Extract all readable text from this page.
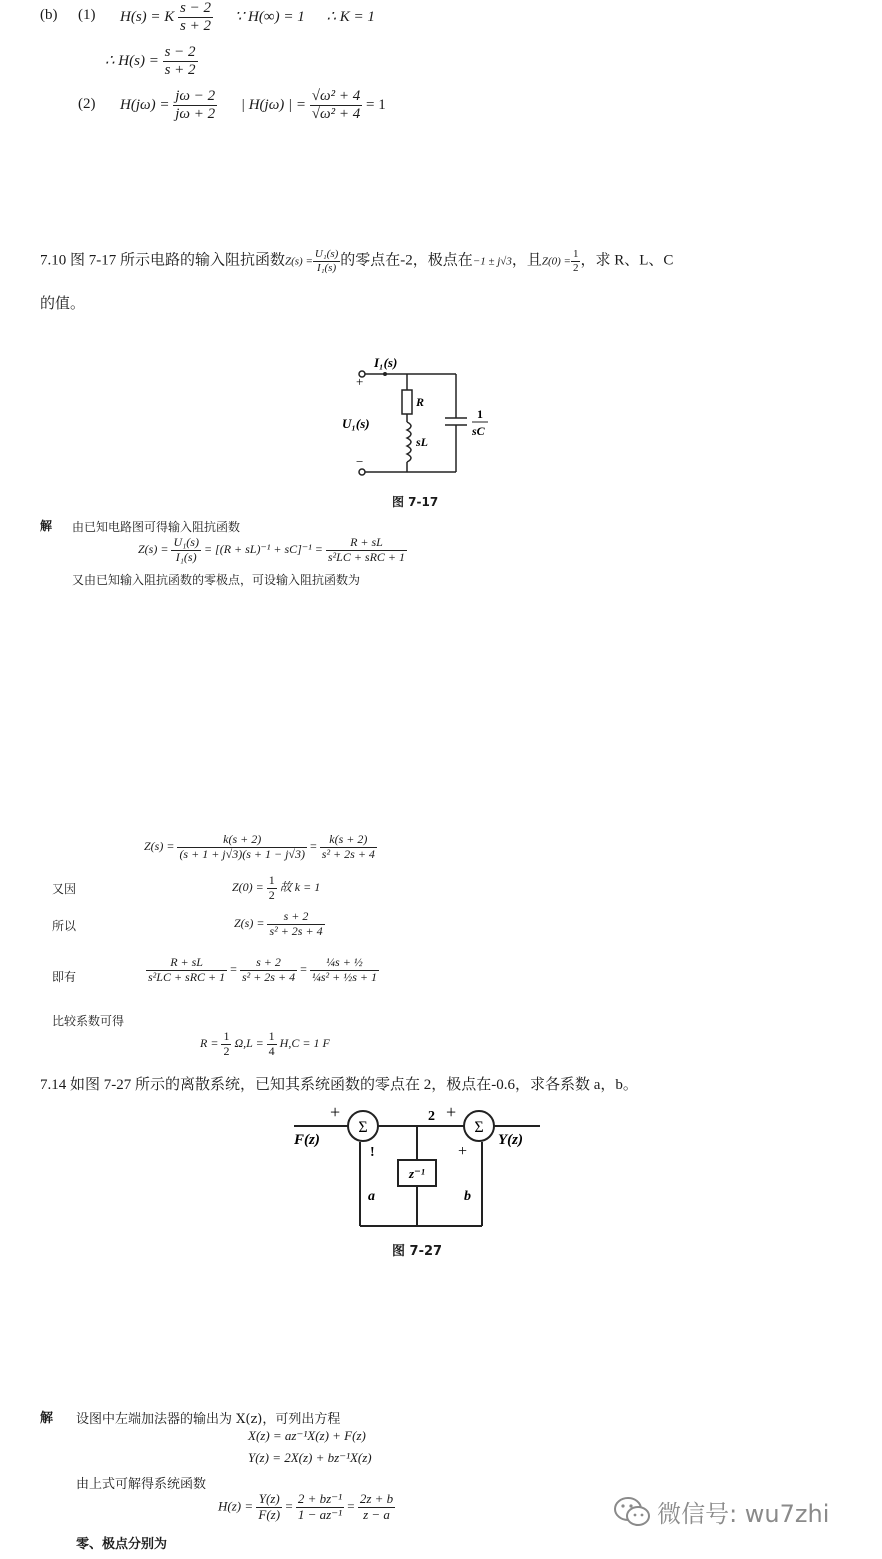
(b) (1) H(s) = K $\frac{s - 2}{s + 2}$ ∵ H(∞) = 1 ∴ K = 1
∴ $H(s) = \frac{s - 2}{s + 2}$
(2) $H(j\omega) = \frac{j\omega - 2}{j\omega + 2}$ | H(jω) | = $\frac{\text{√ω² + 4}}{\text{√ω² + 4}} = 1$
7.10 图 7-17 所示电路的输入阻抗函数$Z(s) = \frac{\text{U₁(s)}}{\text{I₁(s)}}$ 的零点在-2，极点在−1 ± j√3，且$Z(0) = \frac{1}{2}$ ，求 R、L、C
的值。
I₁(s)
+
−
U₁(s)
R
sL
1
sC
图 7-17
解 由已知电路图可得输入阻抗函数
$Z(s) = \frac{\text{U₁(s)}}{\text{I₁(s)}} = [(R + sL)^{-1} + sC]^{-1} = \frac{R + sL}{\text{s²LC + sRC + 1}}$
又由已知输入阻抗函数的零极点，可设输入阻抗函数为
$Z(s) = \frac{k(s + 2)}{(s + 1 + j√3)(s + 1 - j√3)} = \frac{k(s + 2)}{\text{s² + 2s + 4}}$
又因	$Z(0) = \frac{1}{2}$ 故 k = 1
所以	$Z(s) = \frac{s + 2}{\text{s² + 2s + 4}}$
即有	$\frac{R + sL}{\text{s²LC + sRC + 1}} = \frac{s + 2}{\text{s² + 2s + 4}} = \frac{\text{¼s + ½}}{\text{¼s² + ½s + 1}}$
比较系数可得
$R = \frac{1}{2} \Omega,L = \frac{1}{4} H,C = 1$ F
7.14 如图 7-27 所示的离散系统，已知其系统函数的零点在 2，极点在-0.6，求各系数 a，b。
Σ	Σ
+	+
+
!
F(z)	Y(z)
2
z⁻¹
a	b
图 7-27
解 设图中左端加法器的输出为 X(z)，可列出方程
X(z) = az⁻¹X(z) + F(z)
Y(z) = 2X(z) + bz⁻¹X(z)
由上式可解得系统函数
$H(z) = \frac{Y(z)}{F(z)} = \frac{\text{2 + bz⁻¹}}{\text{1 − az⁻¹}} = \frac{2z + b}{z - a}$
零、极点分别为
微信号: wu7zhi
